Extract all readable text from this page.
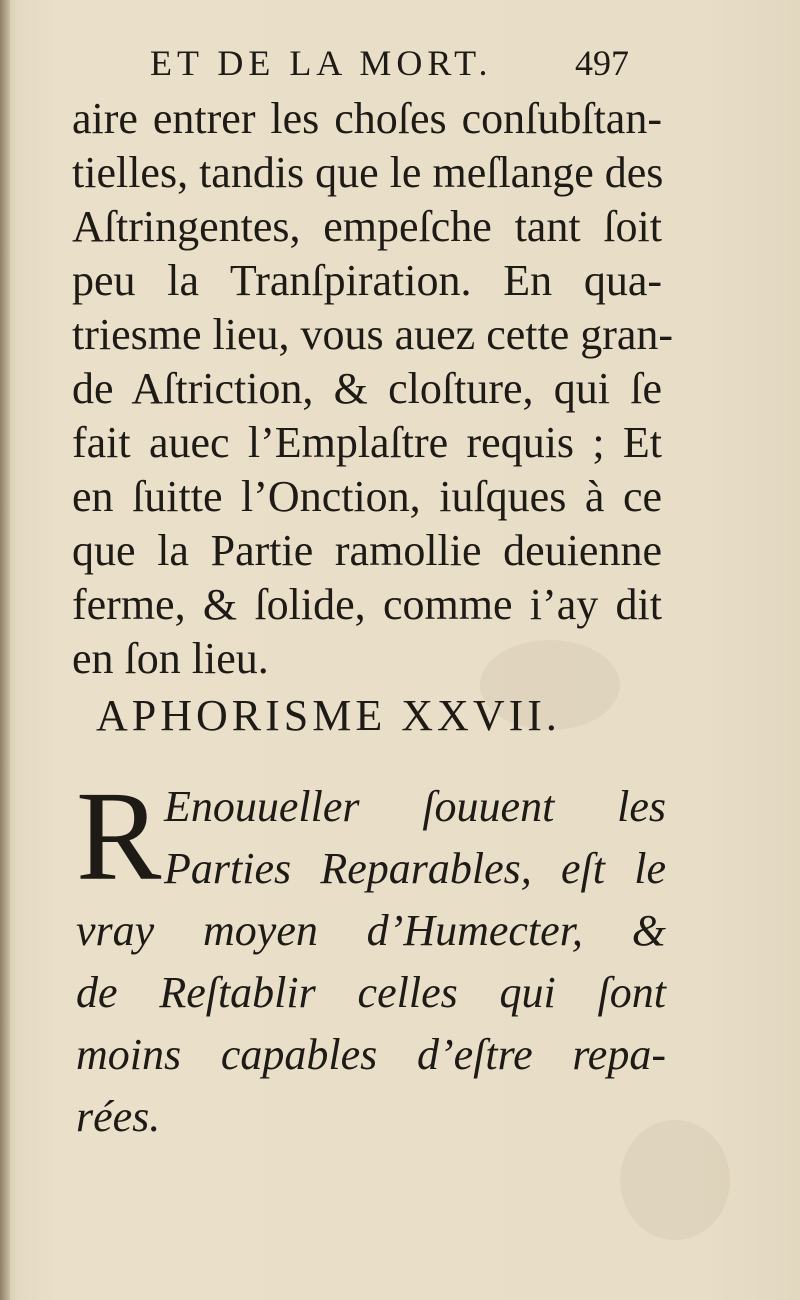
ET DE LA MORT. 497
aire entrer les choſes conſubſtan-
tielles, tandis que le meſlange des
Aſtringentes, empeſche tant ſoit
peu la Tranſpiration. En qua-
triesme lieu, vous auez cette gran-
de Aſtriction, & cloſture, qui ſe
fait auec l’Emplaſtre requis ; Et
en ſuitte l’Onction, iuſques à ce
que la Partie ramollie deuienne
ferme, & ſolide, comme i’ay dit
en ſon lieu.
APHORISME XXVII.
R Enouueller ſouuent les
Parties Reparables, eſt le
vray moyen d’Humecter, &
de Reſtablir celles qui ſont
moins capables d’eſtre repa-
rées.
